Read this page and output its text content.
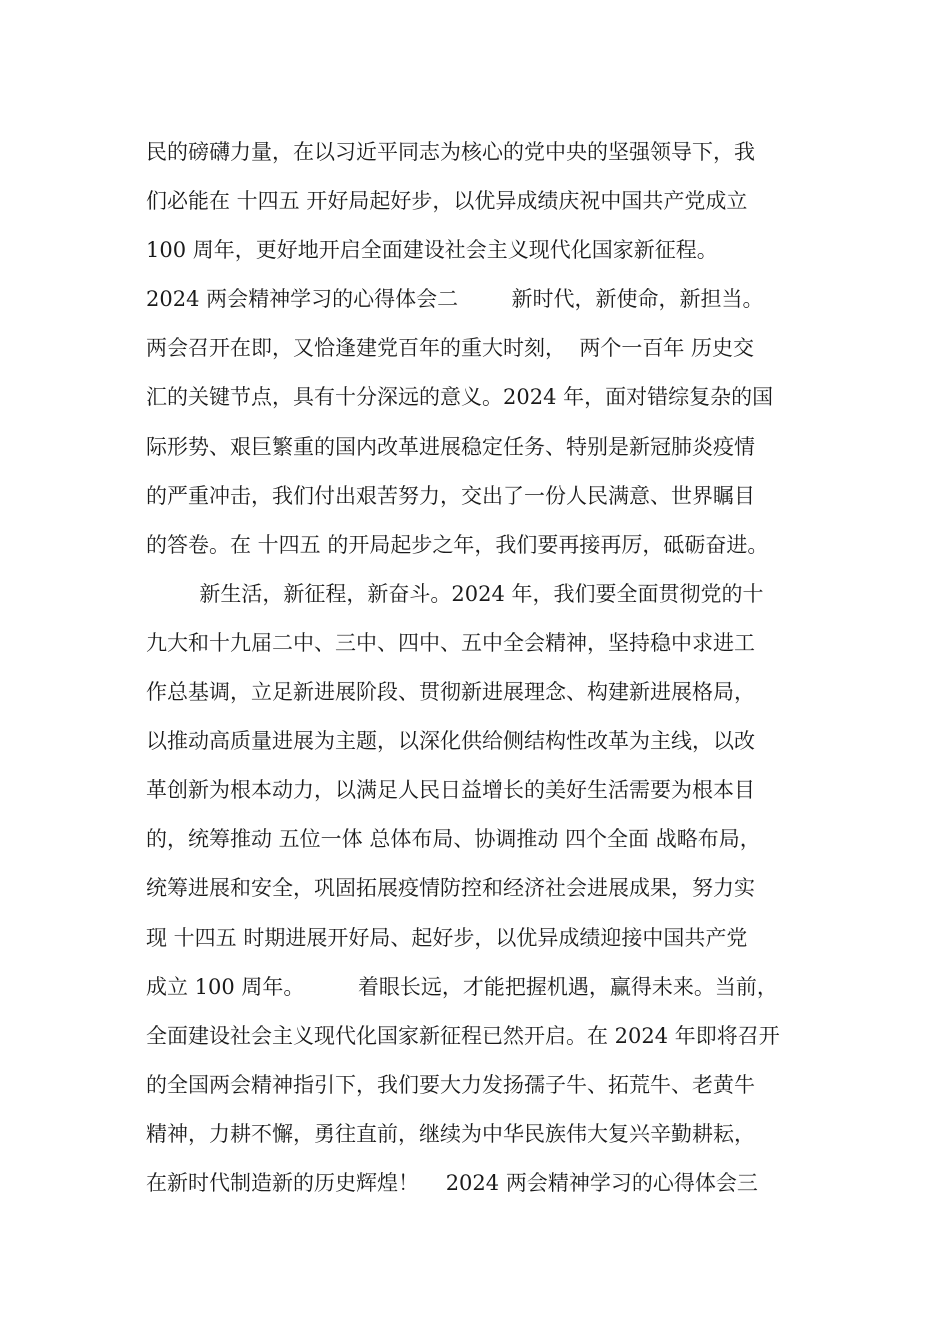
民的磅礴力量，在以习近平同志为核心的党中央的坚强领导下，我
们必能在 十四五 开好局起好步，以优异成绩庆祝中国共产党成立
100 周年，更好地开启全面建设社会主义现代化国家新征程。
2024 两会精神学习的心得体会二        新时代，新使命，新担当。
两会召开在即，又恰逢建党百年的重大时刻，  两个一百年 历史交
汇的关键节点，具有十分深远的意义。2024 年，面对错综复杂的国
际形势、艰巨繁重的国内改革进展稳定任务、特别是新冠肺炎疫情
的严重冲击，我们付出艰苦努力，交出了一份人民满意、世界瞩目
的答卷。在 十四五 的开局起步之年，我们要再接再厉，砥砺奋进。
新生活，新征程，新奋斗。2024 年，我们要全面贯彻党的十
九大和十九届二中、三中、四中、五中全会精神，坚持稳中求进工
作总基调，立足新进展阶段、贯彻新进展理念、构建新进展格局，
以推动高质量进展为主题，以深化供给侧结构性改革为主线，以改
革创新为根本动力，以满足人民日益增长的美好生活需要为根本目
的，统筹推动 五位一体 总体布局、协调推动 四个全面 战略布局，
统筹进展和安全，巩固拓展疫情防控和经济社会进展成果，努力实
现 十四五 时期进展开好局、起好步，以优异成绩迎接中国共产党
成立 100 周年。        着眼长远，才能把握机遇，赢得未来。当前，
全面建设社会主义现代化国家新征程已然开启。在 2024 年即将召开
的全国两会精神指引下，我们要大力发扬孺子牛、拓荒牛、老黄牛
精神，力耕不懈，勇往直前，继续为中华民族伟大复兴辛勤耕耘，
在新时代制造新的历史辉煌！    2024 两会精神学习的心得体会三
